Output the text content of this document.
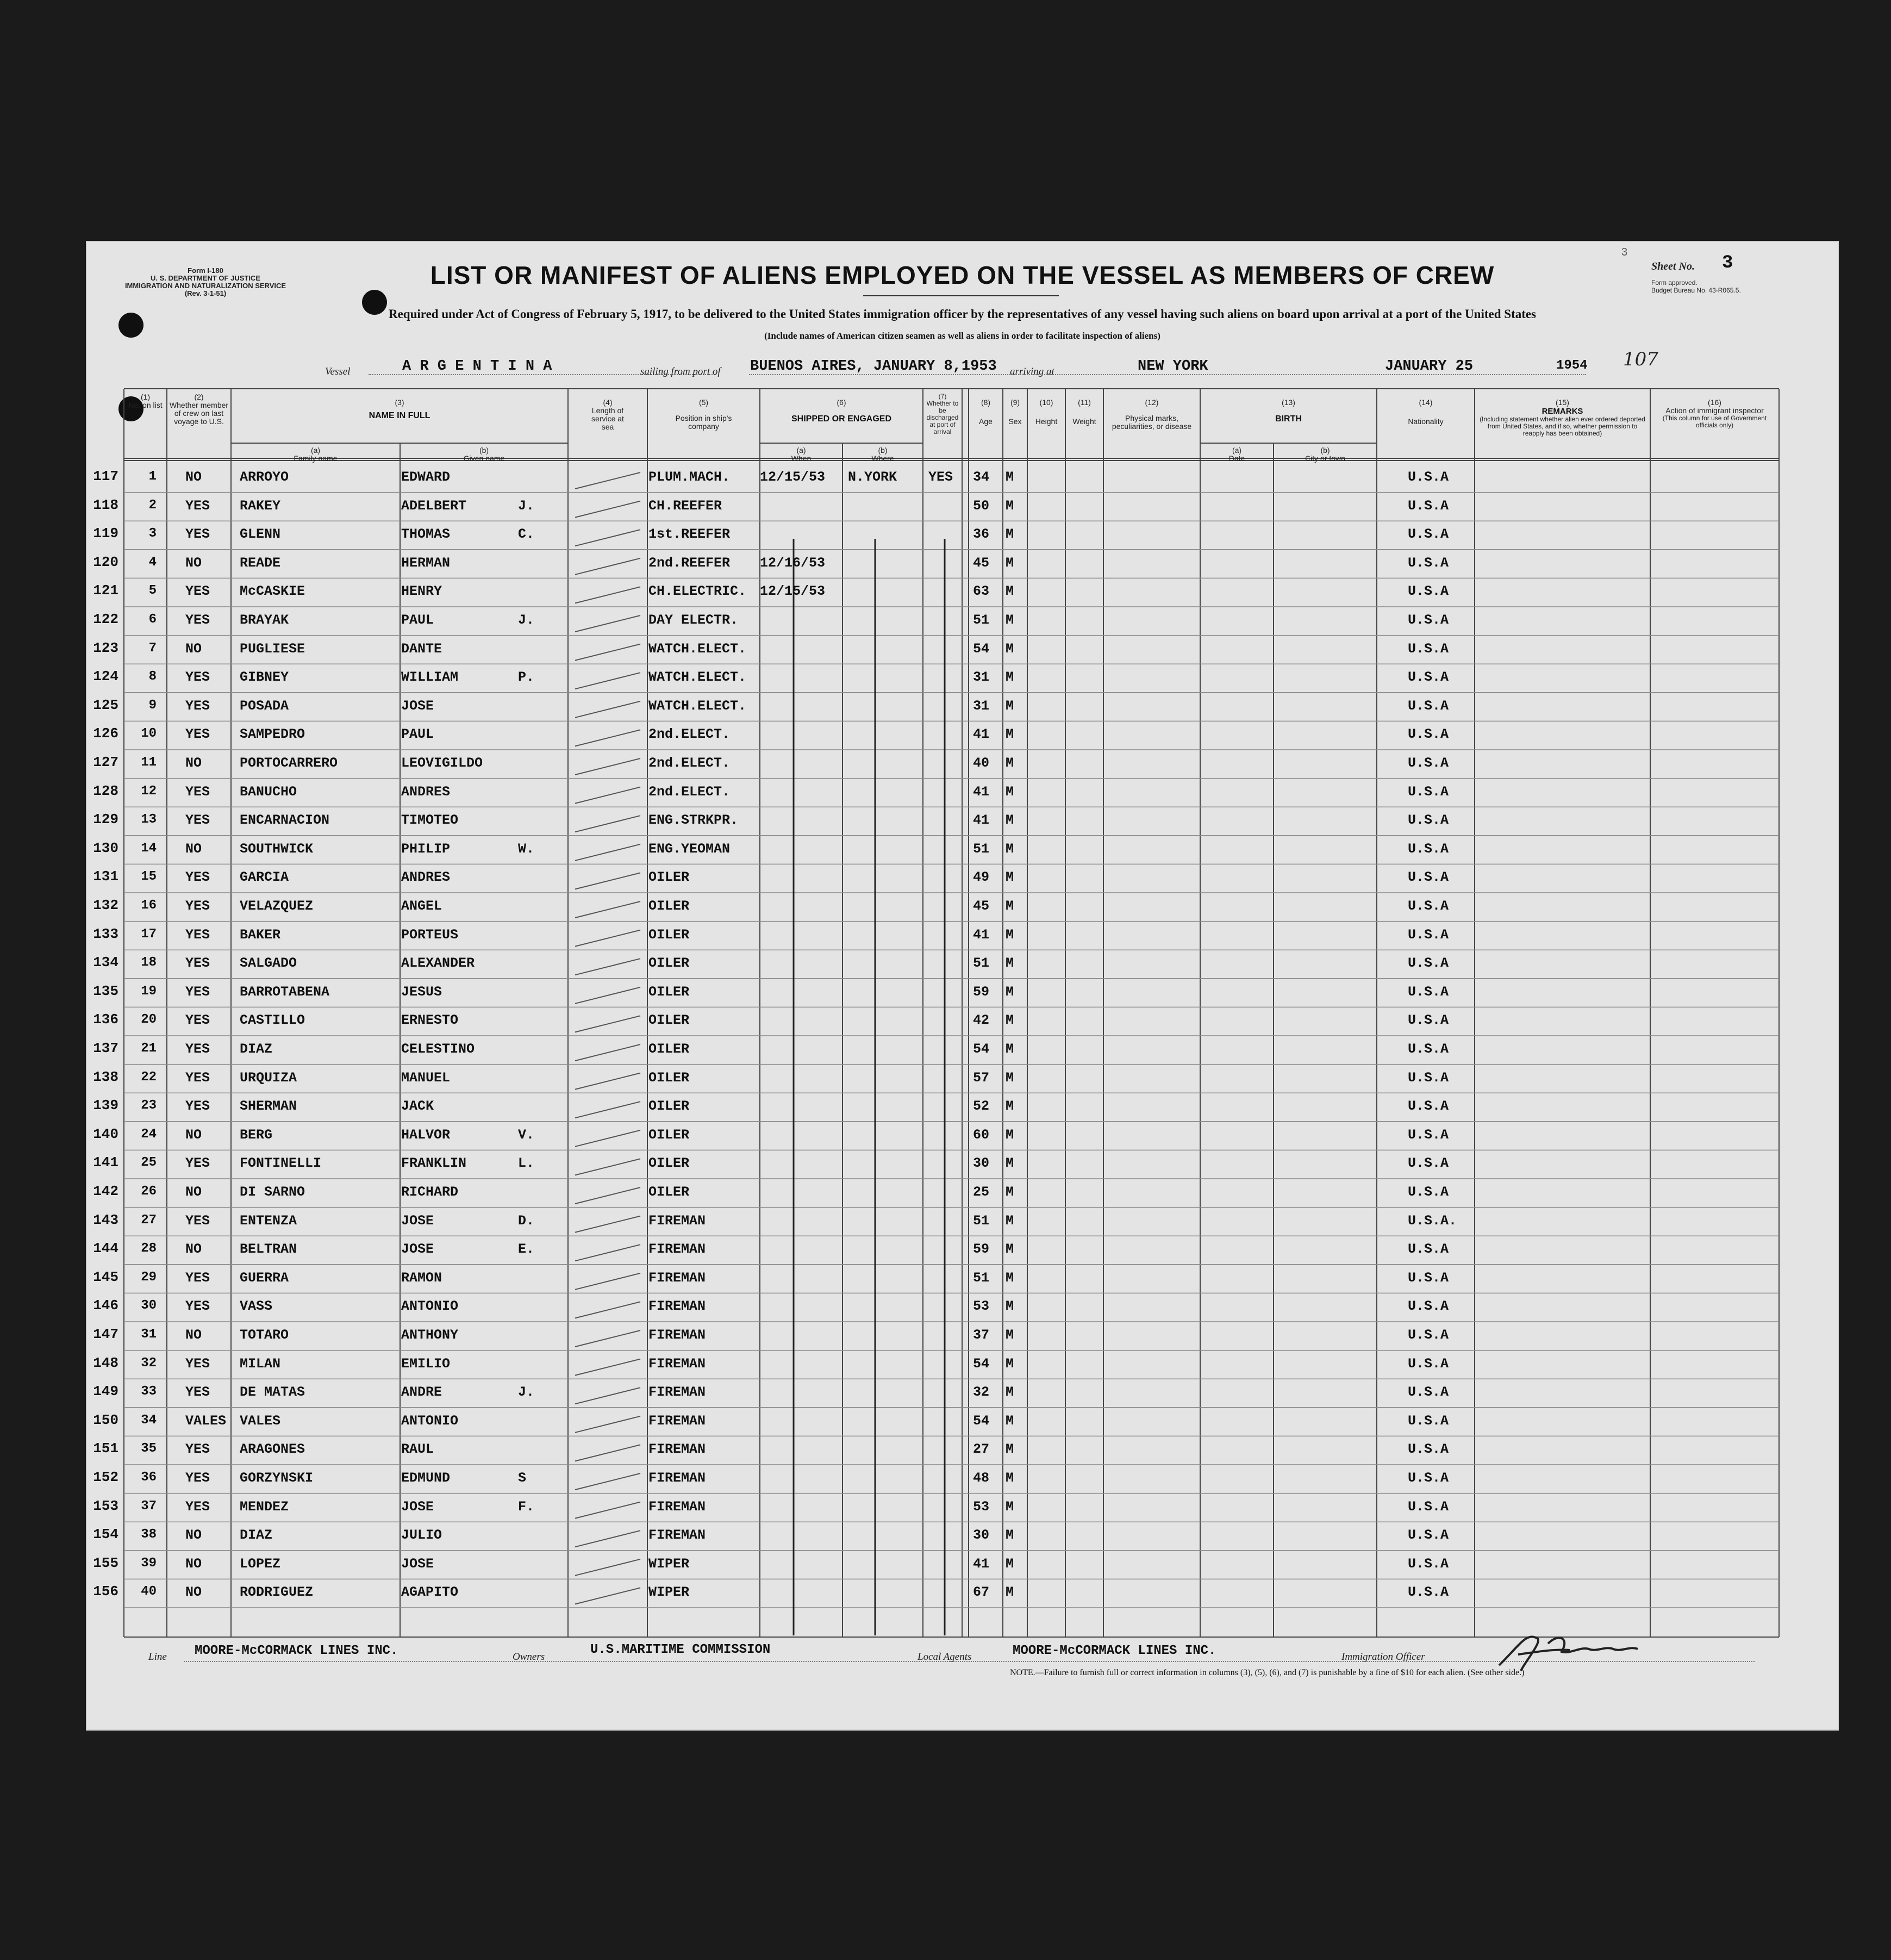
Form I-180
U. S. DEPARTMENT OF JUSTICE
IMMIGRATION AND NATURALIZATION SERVICE
(Rev. 3-1-51)
LIST OR MANIFEST OF ALIENS EMPLOYED ON THE VESSEL AS MEMBERS OF CREW
Required under Act of Congress of February 5, 1917, to be delivered to the United States immigration officer by the representatives of any vessel having such aliens on board upon arrival at a port of the United States
(Include names of American citizen seamen as well as aliens in order to facilitate inspection of aliens)
3
Sheet No. 3
Form approved.
Budget Bureau No. 43-R065.5.
Vessel	A R G E N T I N A	sailing from port of BUENOS AIRES, JANUARY 8,1953 arriving at	NEW YORK	JANUARY 25	1954 107
(1)
No. on list
(2)
Whether member of crew on last voyage to U.S.
(3)
NAME IN FULL
(a)
Family name
(b)
Given name
(4)
Length of service at sea
(5)
Position in ship's company
(6)
SHIPPED OR ENGAGED
(a)
When
(b)
Where
(7)
Whether to be discharged at port of arrival
(8)
Age
(9)
Sex
(10)
Height
(11)
Weight
(12)
Physical marks, peculiarities, or disease
(13)
BIRTH
(a)
Date
(b)
City or town
(14)
Nationality
(15)
REMARKS
(Including statement whether alien ever ordered deported from United States, and if so, whether permission to reapply has been obtained)
(16)
Action of immigrant inspector
(This column for use of Government officials only)
117	1 NO	ARROYO	EDWARD	PLUM.MACH. 12/15/53 N.YORK YES 34 M	U.S.A
118	2 YES RAKEY	ADELBERT	J.	CH.REEFER	50 M	U.S.A
119	3 YES GLENN	THOMAS	C.	1st.REEFER	36 M	U.S.A
120	4 NO	READE	HERMAN	2nd.REEFER 12/16/53	45 M	U.S.A
121	5 YES McCASKIE	HENRY	CH.ELECTRIC. 12/15/53	63 M	U.S.A
122	6 YES BRAYAK	PAUL	J.	DAY ELECTR.	51 M	U.S.A
123	7 NO	PUGLIESE	DANTE	WATCH.ELECT.	54 M	U.S.A
124	8 YES GIBNEY	WILLIAM	P.	WATCH.ELECT.	31 M	U.S.A
125	9 YES POSADA	JOSE	WATCH.ELECT.	31 M	U.S.A
126	10 YES SAMPEDRO	PAUL	2nd.ELECT.	41 M	U.S.A
127	11 NO	PORTOCARRERO	LEOVIGILDO	2nd.ELECT.	40 M	U.S.A
128	12 YES BANUCHO	ANDRES	2nd.ELECT.	41 M	U.S.A
129	13 YES ENCARNACION	TIMOTEO	ENG.STRKPR.	41 M	U.S.A
130	14 NO	SOUTHWICK	PHILIP	W.	ENG.YEOMAN	51 M	U.S.A
131	15 YES GARCIA	ANDRES	OILER	49 M	U.S.A
132	16 YES VELAZQUEZ	ANGEL	OILER	45 M	U.S.A
133	17 YES BAKER	PORTEUS	OILER	41 M	U.S.A
134	18 YES SALGADO	ALEXANDER	OILER	51 M	U.S.A
135	19 YES BARROTABENA	JESUS	OILER	59 M	U.S.A
136	20 YES CASTILLO	ERNESTO	OILER	42 M	U.S.A
137	21 YES DIAZ	CELESTINO	OILER	54 M	U.S.A
138	22 YES URQUIZA	MANUEL	OILER	57 M	U.S.A
139	23 YES SHERMAN	JACK	OILER	52 M	U.S.A
140	24 NO	BERG	HALVOR	V.	OILER	60 M	U.S.A
141	25 YES FONTINELLI	FRANKLIN	L.	OILER	30 M	U.S.A
142	26 NO	DI SARNO	RICHARD	OILER	25 M	U.S.A
143	27 YES ENTENZA	JOSE	D.	FIREMAN	51 M	U.S.A.
144	28 NO	BELTRAN	JOSE	E.	FIREMAN	59 M	U.S.A
145	29 YES GUERRA	RAMON	FIREMAN	51 M	U.S.A
146	30 YES VASS	ANTONIO	FIREMAN	53 M	U.S.A
147	31 NO	TOTARO	ANTHONY	FIREMAN	37 M	U.S.A
148	32 YES MILAN	EMILIO	FIREMAN	54 M	U.S.A
149	33 YES DE MATAS	ANDRE	J.	FIREMAN	32 M	U.S.A
150	34 VALES VALES	ANTONIO	FIREMAN	54 M	U.S.A
151	35 YES ARAGONES	RAUL	FIREMAN	27 M	U.S.A
152	36 YES GORZYNSKI	EDMUND	S	FIREMAN	48 M	U.S.A
153	37 YES MENDEZ	JOSE	F.	FIREMAN	53 M	U.S.A
154	38 NO	DIAZ	JULIO	FIREMAN	30 M	U.S.A
155	39 NO	LOPEZ	JOSE	WIPER	41 M	U.S.A
156	40 NO	RODRIGUEZ	AGAPITO	WIPER	67 M	U.S.A
Line MOORE-McCORMACK LINES INC.	Owners	U.S.MARITIME COMMISSION	Local Agents	MOORE-McCORMACK LINES INC.	Immigration Officer
NOTE.—Failure to furnish full or correct information in columns (3), (5), (6), and (7) is punishable by a fine of $10 for each alien. (See other side.)
